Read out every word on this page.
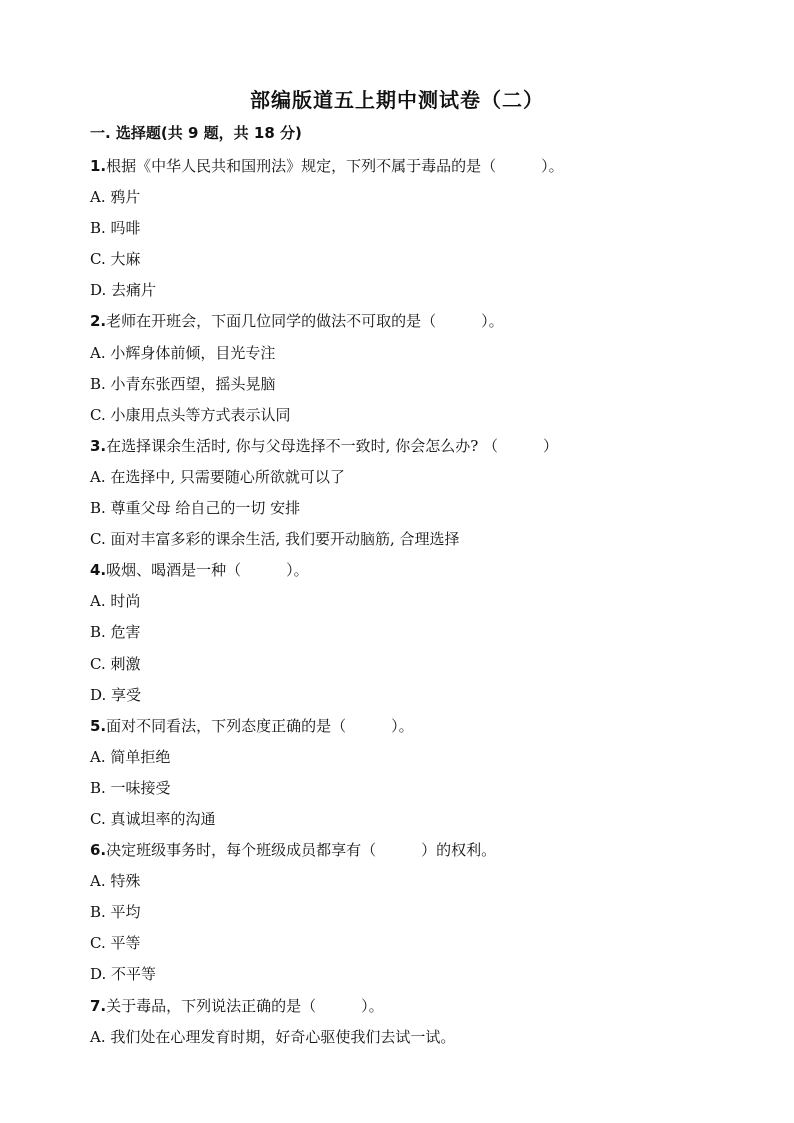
部编版道五上期中测试卷（二）
一. 选择题(共 9 题，共 18 分)
1.根据《中华人民共和国刑法》规定，下列不属于毒品的是（　　　）。
A. 鸦片
B. 吗啡
C. 大麻
D. 去痛片
2.老师在开班会，下面几位同学的做法不可取的是（　　　）。
A. 小辉身体前倾，目光专注
B. 小青东张西望，摇头晃脑
C. 小康用点头等方式表示认同
3.在选择课余生活时, 你与父母选择不一致时, 你会怎么办? （　　　）
A. 在选择中, 只需要随心所欲就可以了
B. 尊重父母 给自己的一切 安排
C. 面对丰富多彩的课余生活, 我们要开动脑筋, 合理选择
4.吸烟、喝酒是一种（　　　）。
A. 时尚
B. 危害
C. 刺激
D. 享受
5.面对不同看法，下列态度正确的是（　　　）。
A. 简单拒绝
B. 一味接受
C. 真诚坦率的沟通
6.决定班级事务时，每个班级成员都享有（　　　）的权利。
A. 特殊
B. 平均
C. 平等
D. 不平等
7.关于毒品，下列说法正确的是（　　　）。
A. 我们处在心理发育时期，好奇心驱使我们去试一试。
